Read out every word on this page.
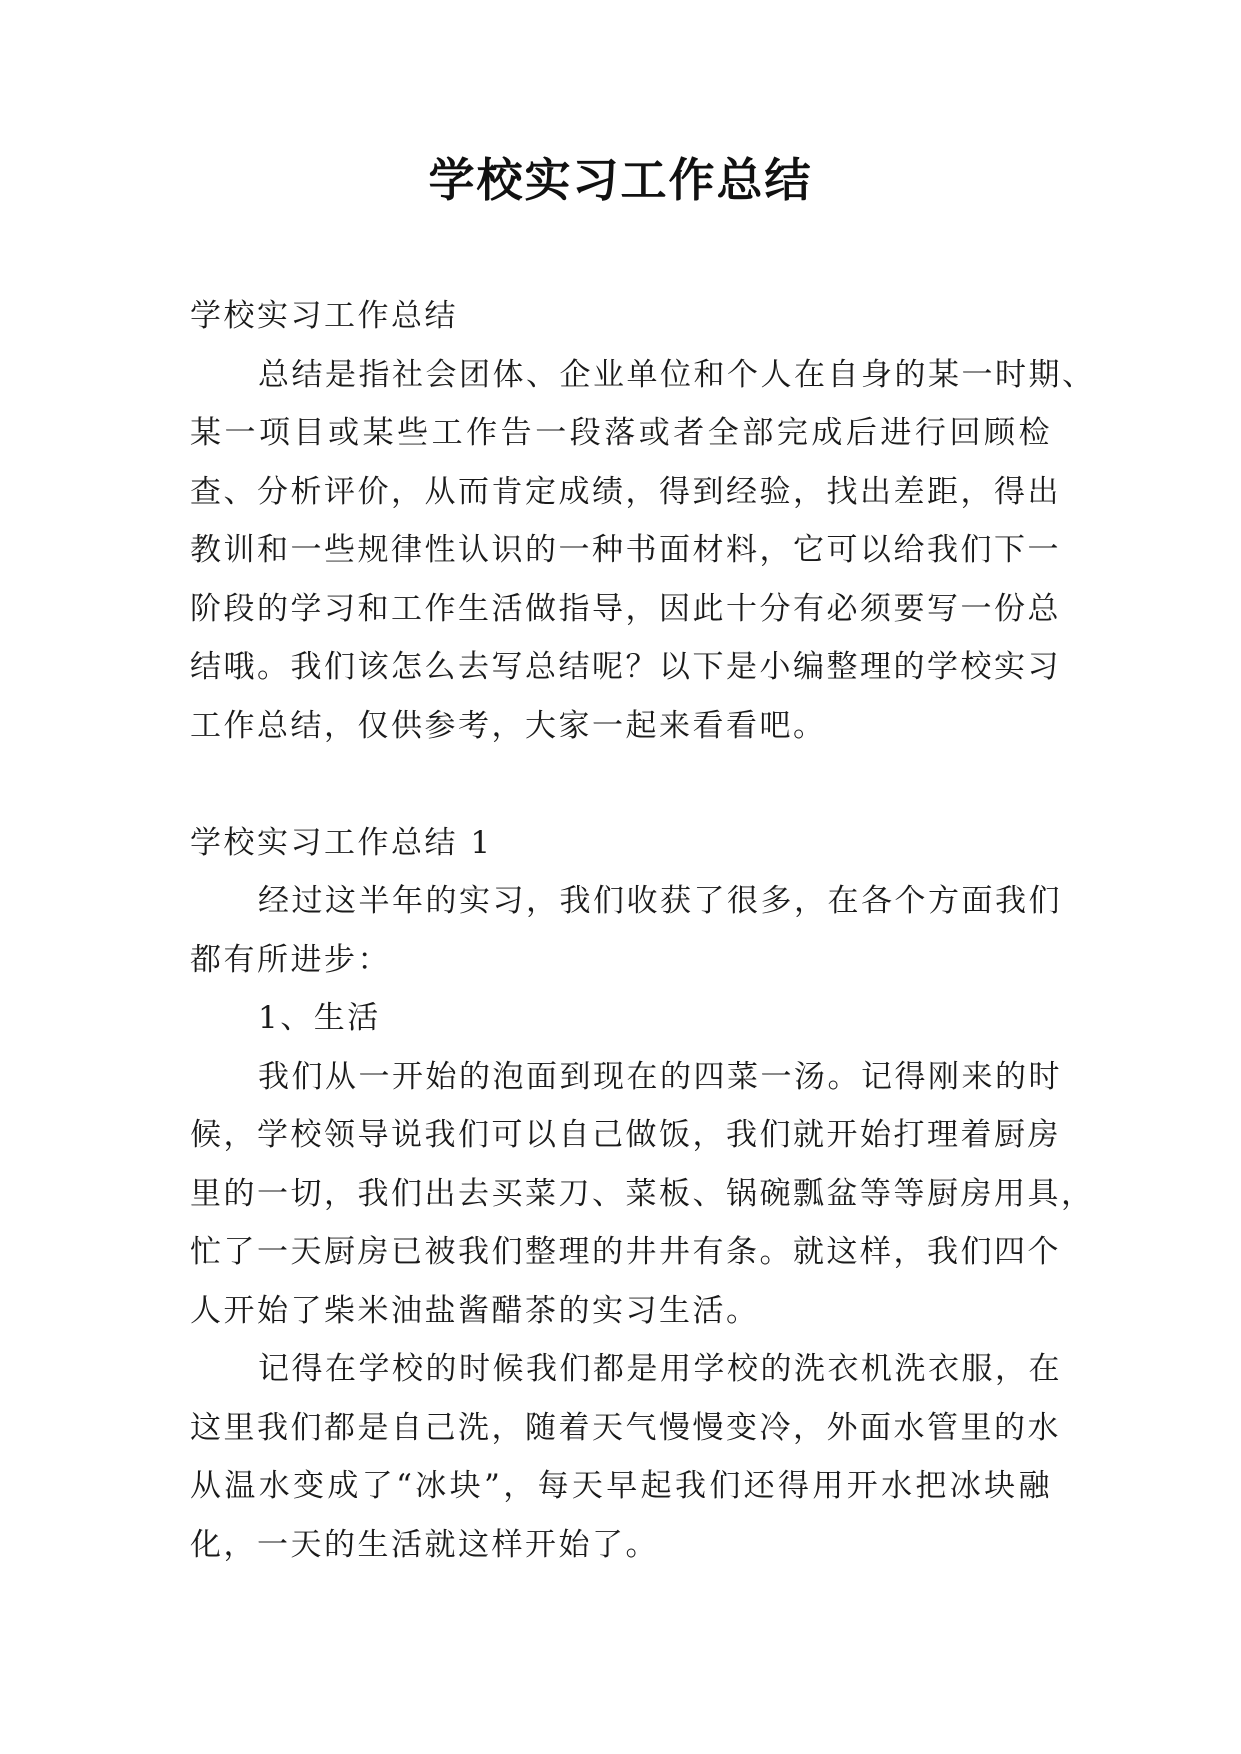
学校实习工作总结
学校实习工作总结
总结是指社会团体、企业单位和个人在自身的某一时期、
某一项目或某些工作告一段落或者全部完成后进行回顾检
查、分析评价，从而肯定成绩，得到经验，找出差距，得出
教训和一些规律性认识的一种书面材料，它可以给我们下一
阶段的学习和工作生活做指导，因此十分有必须要写一份总
结哦。我们该怎么去写总结呢？以下是小编整理的学校实习
工作总结，仅供参考，大家一起来看看吧。
学校实习工作总结 1
经过这半年的实习，我们收获了很多，在各个方面我们
都有所进步：
1、生活
我们从一开始的泡面到现在的四菜一汤。记得刚来的时
候，学校领导说我们可以自己做饭，我们就开始打理着厨房
里的一切，我们出去买菜刀、菜板、锅碗瓢盆等等厨房用具，
忙了一天厨房已被我们整理的井井有条。就这样，我们四个
人开始了柴米油盐酱醋茶的实习生活。
记得在学校的时候我们都是用学校的洗衣机洗衣服，在
这里我们都是自己洗，随着天气慢慢变冷，外面水管里的水
从温水变成了“冰块”，每天早起我们还得用开水把冰块融
化，一天的生活就这样开始了。
